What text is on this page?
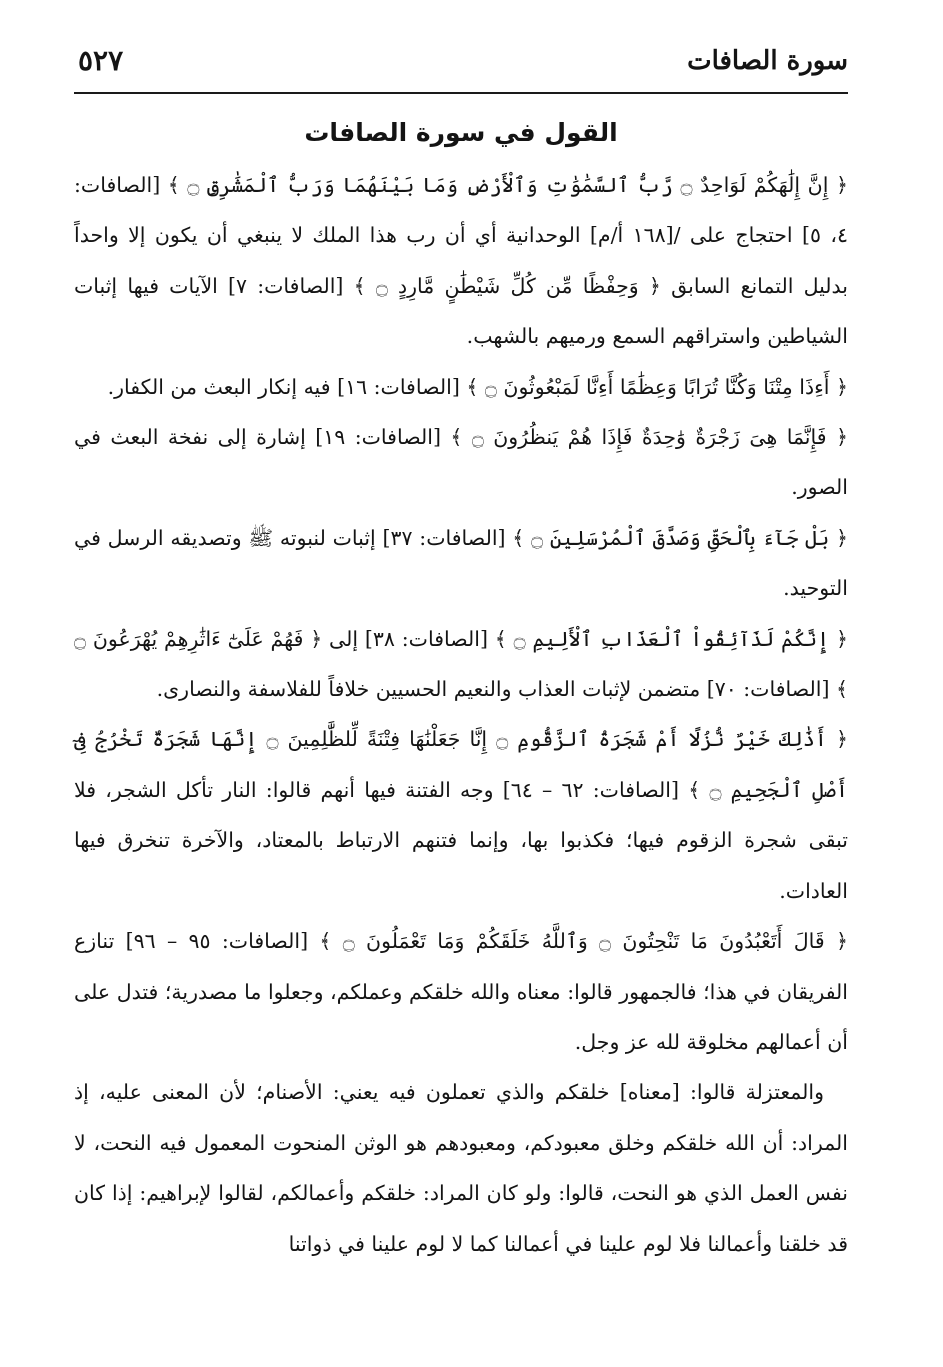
سورة الصافات
٥٢٧
القول في سورة الصافات

﴿ إِنَّ إِلَٰهَكُمْ لَوَاحِدٌ ۝ رَّبُّ ٱلسَّمَٰوَٰتِ وَٱلْأَرْضِ وَمَا بَيْنَهُمَا وَرَبُّ ٱلْمَشَٰرِقِ ۝ ﴾ [الصافات: ٤، ٥] احتجاج على /[١٦٨ أ/م] الوحدانية أي أن رب هذا الملك لا ينبغي أن يكون إلا واحداً بدليل التمانع السابق ﴿ وَحِفْظًا مِّن كُلِّ شَيْطَٰنٍ مَّارِدٍ ۝ ﴾ [الصافات: ٧] الآيات فيها إثبات الشياطين واستراقهم السمع ورميهم بالشهب.

﴿ أَءِذَا مِتْنَا وَكُنَّا تُرَابًا وَعِظَٰمًا أَءِنَّا لَمَبْعُوثُونَ ۝ ﴾ [الصافات: ١٦] فيه إنكار البعث من الكفار.

﴿ فَإِنَّمَا هِىَ زَجْرَةٌ وَٰحِدَةٌ فَإِذَا هُمْ يَنظُرُونَ ۝ ﴾ [الصافات: ١٩] إشارة إلى نفخة البعث في الصور.

﴿ بَلْ جَآءَ بِٱلْحَقِّ وَصَدَّقَ ٱلْمُرْسَلِينَ ۝ ﴾ [الصافات: ٣٧] إثبات لنبوته ﷺ وتصديقه الرسل في التوحيد.

﴿ إِنَّكُمْ لَذَآئِقُواْ ٱلْعَذَابِ ٱلْأَلِيمِ ۝ ﴾ [الصافات: ٣٨] إلى ﴿ فَهُمْ عَلَىٰٓ ءَاثَٰرِهِمْ يُهْرَعُونَ ۝ ﴾ [الصافات: ٧٠] متضمن لإثبات العذاب والنعيم الحسيين خلافاً للفلاسفة والنصارى.

﴿ أَذَٰلِكَ خَيْرٌ نُّزُلًا أَمْ شَجَرَةُ ٱلزَّقُّومِ ۝ إِنَّا جَعَلْنَٰهَا فِتْنَةً لِّلظَّٰلِمِينَ ۝ إِنَّهَا شَجَرَةٌ تَخْرُجُ فِىٓ أَصْلِ ٱلْجَحِيمِ ۝ ﴾ [الصافات: ٦٢ – ٦٤] وجه الفتنة فيها أنهم قالوا: النار تأكل الشجر، فلا تبقى شجرة الزقوم فيها؛ فكذبوا بها، وإنما فتنهم الارتباط بالمعتاد، والآخرة تنخرق فيها العادات.

﴿ قَالَ أَتَعْبُدُونَ مَا تَنْحِتُونَ ۝ وَٱللَّهُ خَلَقَكُمْ وَمَا تَعْمَلُونَ ۝ ﴾ [الصافات: ٩٥ – ٩٦] تنازع الفريقان في هذا؛ فالجمهور قالوا: معناه والله خلقكم وعملكم، وجعلوا ما مصدرية؛ فتدل على أن أعمالهم مخلوقة لله عز وجل.

والمعتزلة قالوا: [معناه] خلقكم والذي تعملون فيه يعني: الأصنام؛ لأن المعنى عليه، إذ المراد: أن الله خلقكم وخلق معبودكم، ومعبودهم هو الوثن المنحوت المعمول فيه النحت، لا نفس العمل الذي هو النحت، قالوا: ولو كان المراد: خلقكم وأعمالكم، لقالوا لإبراهيم: إذا كان قد خلقنا وأعمالنا فلا لوم علينا في أعمالنا كما لا لوم علينا في ذواتنا
